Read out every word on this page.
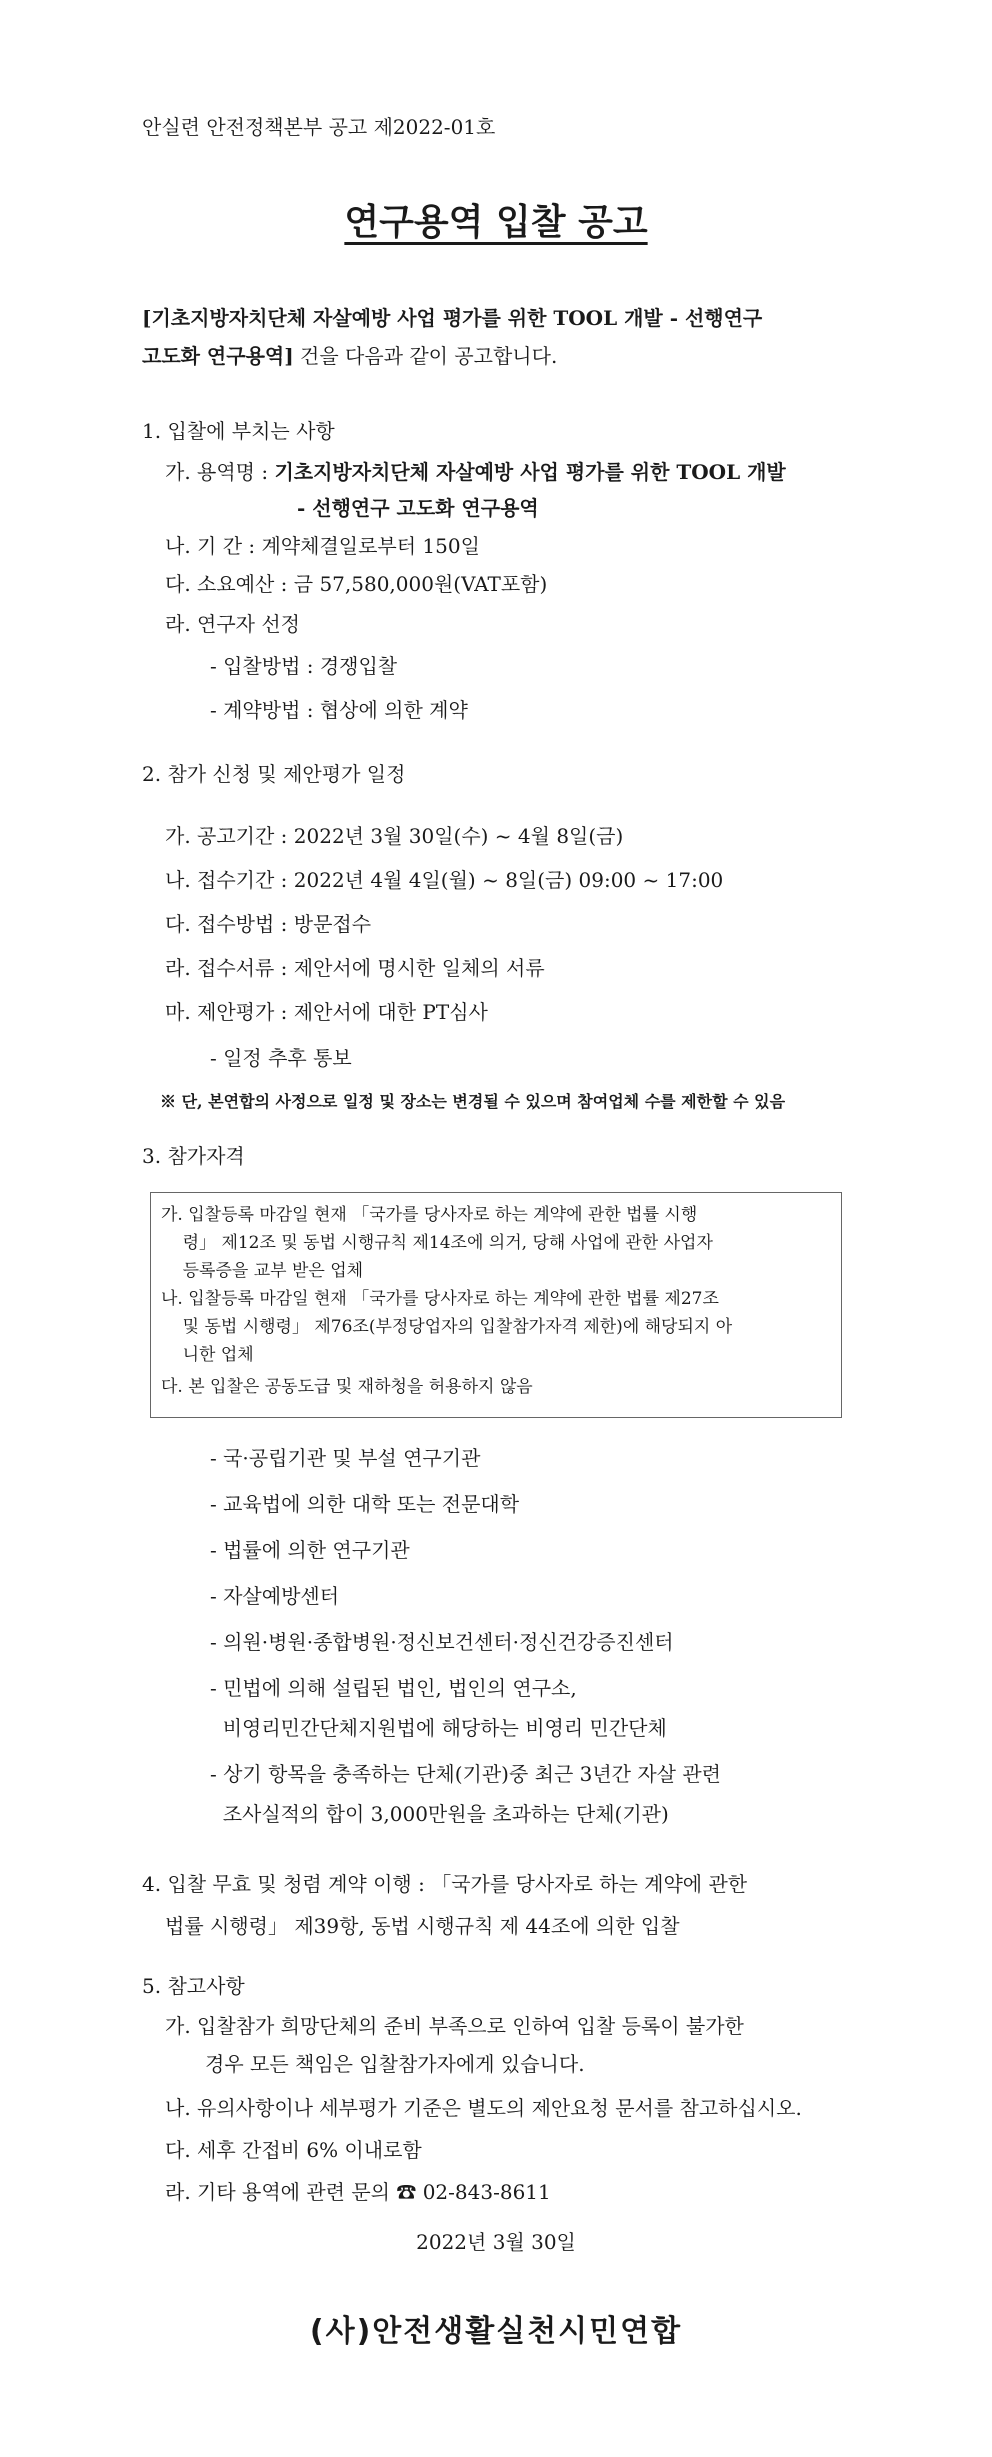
안실련 안전정책본부 공고 제2022-01호
연구용역 입찰 공고
[기초지방자치단체 자살예방 사업 평가를 위한 TOOL 개발 - 선행연구
고도화 연구용역] 건을 다음과 같이 공고합니다.
1. 입찰에 부치는 사항
가. 용역명 : 기초지방자치단체 자살예방 사업 평가를 위한 TOOL 개발
- 선행연구 고도화 연구용역
나. 기 간 : 계약체결일로부터 150일
다. 소요예산 : 금 57,580,000원(VAT포함)
라. 연구자 선정
- 입찰방법 : 경쟁입찰
- 계약방법 : 협상에 의한 계약
2. 참가 신청 및 제안평가 일정
가. 공고기간 : 2022년 3월 30일(수) ~ 4월 8일(금)
나. 접수기간 : 2022년 4월 4일(월) ~ 8일(금) 09:00 ~ 17:00
다. 접수방법 : 방문접수
라. 접수서류 : 제안서에 명시한 일체의 서류
마. 제안평가 : 제안서에 대한 PT심사
- 일정 추후 통보
※ 단, 본연합의 사정으로 일정 및 장소는 변경될 수 있으며 참여업체 수를 제한할 수 있음
3. 참가자격
가. 입찰등록 마감일 현재 「국가를 당사자로 하는 계약에 관한 법률 시행
령」 제12조 및 동법 시행규칙 제14조에 의거, 당해 사업에 관한 사업자
등록증을 교부 받은 업체
나. 입찰등록 마감일 현재 「국가를 당사자로 하는 계약에 관한 법률 제27조
및 동법 시행령」 제76조(부정당업자의 입찰참가자격 제한)에 해당되지 아
니한 업체
다. 본 입찰은 공동도급 및 재하청을 허용하지 않음
- 국·공립기관 및 부설 연구기관
- 교육법에 의한 대학 또는 전문대학
- 법률에 의한 연구기관
- 자살예방센터
- 의원·병원·종합병원·정신보건센터·정신건강증진센터
- 민법에 의해 설립된 법인, 법인의 연구소,
비영리민간단체지원법에 해당하는 비영리 민간단체
- 상기 항목을 충족하는 단체(기관)중 최근 3년간 자살 관련
조사실적의 합이 3,000만원을 초과하는 단체(기관)
4. 입찰 무효 및 청렴 계약 이행 : 「국가를 당사자로 하는 계약에 관한
법률 시행령」 제39항, 동법 시행규칙 제 44조에 의한 입찰
5. 참고사항
가. 입찰참가 희망단체의 준비 부족으로 인하여 입찰 등록이 불가한
경우 모든 책임은 입찰참가자에게 있습니다.
나. 유의사항이나 세부평가 기준은 별도의 제안요청 문서를 참고하십시오.
다. 세후 간접비 6% 이내로함
라. 기타 용역에 관련 문의 ☎ 02-843-8611
2022년 3월 30일
(사)안전생활실천시민연합
